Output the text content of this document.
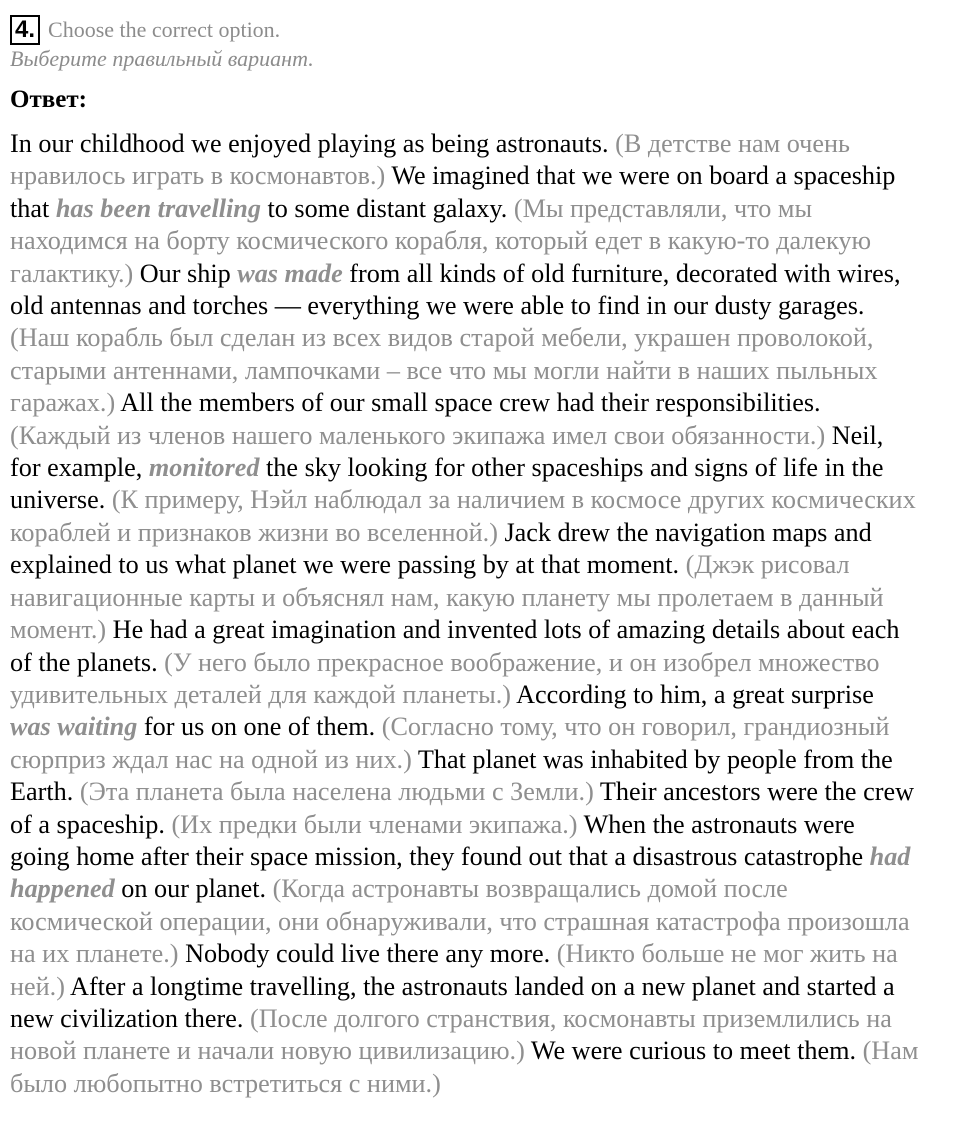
4. Choose the correct option.
Выберите правильный вариант.
Ответ:

In our childhood we enjoyed playing as being astronauts. (В детстве нам очень нравилось играть в космонавтов.) We imagined that we were on board a spaceship that has been travelling to some distant galaxy. (Мы представляли, что мы находимся на борту космического корабля, который едет в какую-то далекую галактику.) Our ship was made from all kinds of old furniture, decorated with wires, old antennas and torches — everything we were able to find in our dusty garages. (Наш корабль был сделан из всех видов старой мебели, украшен проволокой, старыми антеннами, лампочками – все что мы могли найти в наших пыльных гаражах.) All the members of our small space crew had their responsibilities. (Каждый из членов нашего маленького экипажа имел свои обязанности.) Neil, for example, monitored the sky looking for other spaceships and signs of life in the universe. (К примеру, Нэйл наблюдал за наличием в космосе других космических кораблей и признаков жизни во вселенной.) Jack drew the navigation maps and explained to us what planet we were passing by at that moment. (Джэк рисовал навигационные карты и объяснял нам, какую планету мы пролетаем в данный момент.) He had a great imagination and invented lots of amazing details about each of the planets. (У него было прекрасное воображение, и он изобрел множество удивительных деталей для каждой планеты.) According to him, a great surprise was waiting for us on one of them. (Согласно тому, что он говорил, грандиозный сюрприз ждал нас на одной из них.) That planet was inhabited by people from the Earth. (Эта планета была населена людьми с Земли.) Their ancestors were the crew of a spaceship. (Их предки были членами экипажа.) When the astronauts were going home after their space mission, they found out that a disastrous catastrophe had happened on our planet. (Когда астронавты возвращались домой после космической операции, они обнаруживали, что страшная катастрофа произошла на их планете.) Nobody could live there any more. (Никто больше не мог жить на ней.) After a longtime travelling, the astronauts landed on a new planet and started a new civilization there. (После долгого странствия, космонавты приземлились на новой планете и начали новую цивилизацию.) We were curious to meet them. (Нам было любопытно встретиться с ними.)
